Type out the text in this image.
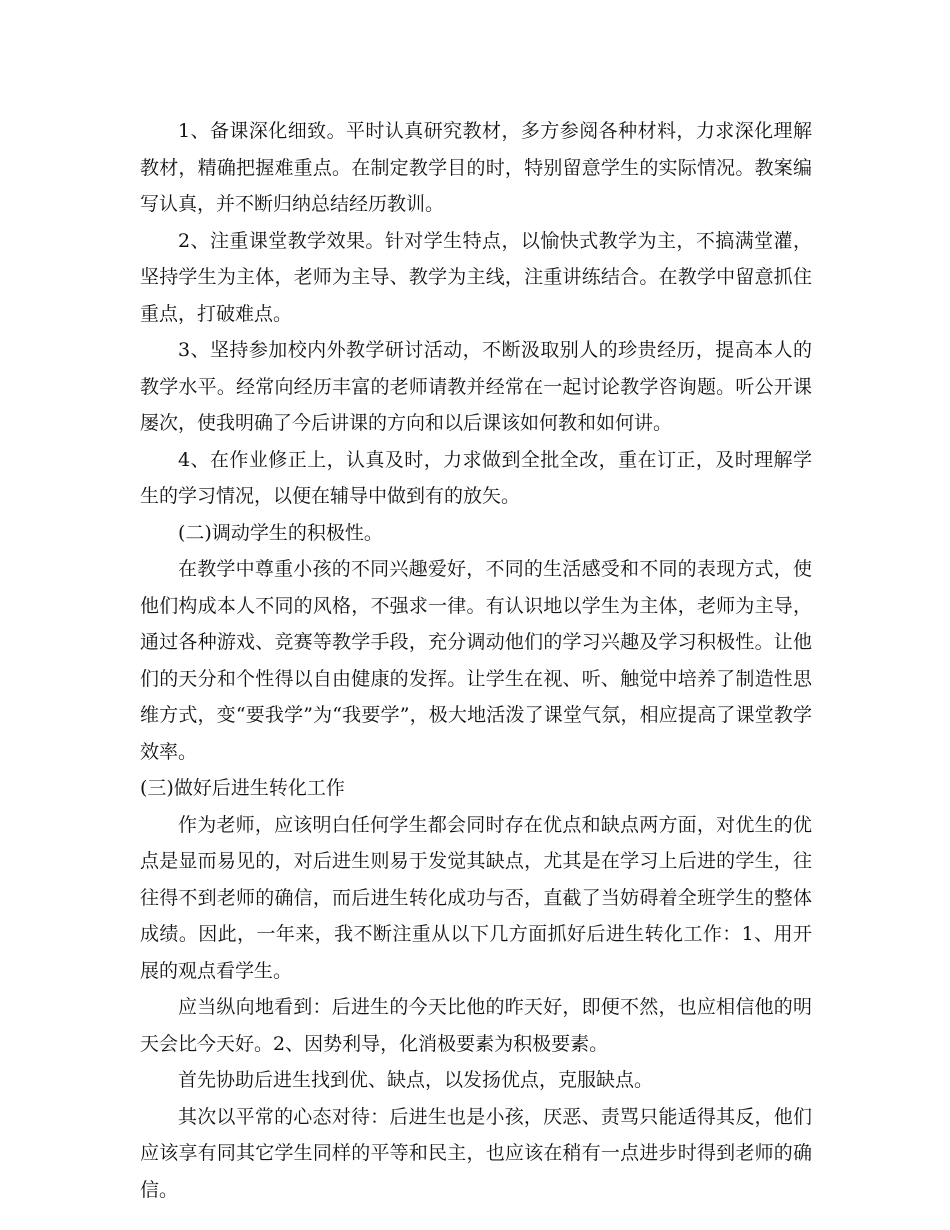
1、备课深化细致。平时认真研究教材，多方参阅各种材料，力求深化理解教材，精确把握难重点。在制定教学目的时，特别留意学生的实际情况。教案编写认真，并不断归纳总结经历教训。

2、注重课堂教学效果。针对学生特点，以愉快式教学为主，不搞满堂灌，坚持学生为主体，老师为主导、教学为主线，注重讲练结合。在教学中留意抓住重点，打破难点。

3、坚持参加校内外教学研讨活动，不断汲取别人的珍贵经历，提高本人的教学水平。经常向经历丰富的老师请教并经常在一起讨论教学咨询题。听公开课屡次，使我明确了今后讲课的方向和以后课该如何教和如何讲。

4、在作业修正上，认真及时，力求做到全批全改，重在订正，及时理解学生的学习情况，以便在辅导中做到有的放矢。

(二)调动学生的积极性。

在教学中尊重小孩的不同兴趣爱好，不同的生活感受和不同的表现方式，使他们构成本人不同的风格，不强求一律。有认识地以学生为主体，老师为主导，通过各种游戏、竞赛等教学手段，充分调动他们的学习兴趣及学习积极性。让他们的天分和个性得以自由健康的发挥。让学生在视、听、触觉中培养了制造性思维方式，变“要我学”为“我要学”，极大地活泼了课堂气氛，相应提高了课堂教学效率。

(三)做好后进生转化工作

作为老师，应该明白任何学生都会同时存在优点和缺点两方面，对优生的优点是显而易见的，对后进生则易于发觉其缺点，尤其是在学习上后进的学生，往往得不到老师的确信，而后进生转化成功与否，直截了当妨碍着全班学生的整体成绩。因此，一年来，我不断注重从以下几方面抓好后进生转化工作：1、用开展的观点看学生。

应当纵向地看到：后进生的今天比他的昨天好，即便不然，也应相信他的明天会比今天好。2、因势利导，化消极要素为积极要素。

首先协助后进生找到优、缺点，以发扬优点，克服缺点。

其次以平常的心态对待：后进生也是小孩，厌恶、责骂只能适得其反，他们应该享有同其它学生同样的平等和民主，也应该在稍有一点进步时得到老师的确信。
